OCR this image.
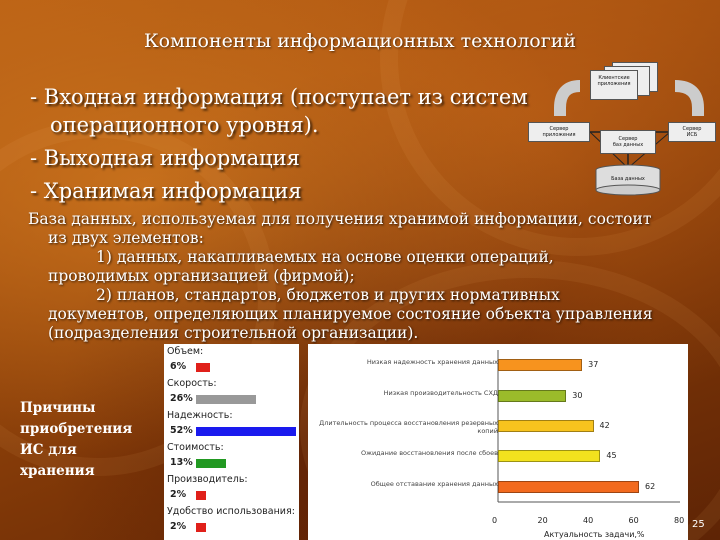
Компоненты информационных технологий
- Входная информация (поступает из систем
операционного уровня).
- Выходная информация
- Хранимая информация

База данных, используемая для получения хранимой информации, состоит

из двух элементов:

1) данных, накапливаемых на основе оценки операций,

проводимых организацией (фирмой);

2) планов, стандартов, бюджетов и других нормативных

документов, определяющих планируемое состояние объекта управления

(подразделения строительной организации).

Клиентские
приложения
Сервер
приложения
Сервер
баз данных
Сервер
ИСБ
База данных
Объем:
6%
Скорость:
26%
Надежность:
52%
Стоимость:
13%
Производитель:
2%
Удобство использования:
2%
Низкая надежность хранения данных	37
Низкая производительность СХД	30
Длительность процесса восстановления резервных копий
42
Ожидание восстановления после сбоев	45
Общее отставание хранения данных	62
0	20	40	60	80
Актуальность задачи,%
Причины
приобретения
ИС для
хранения
25
